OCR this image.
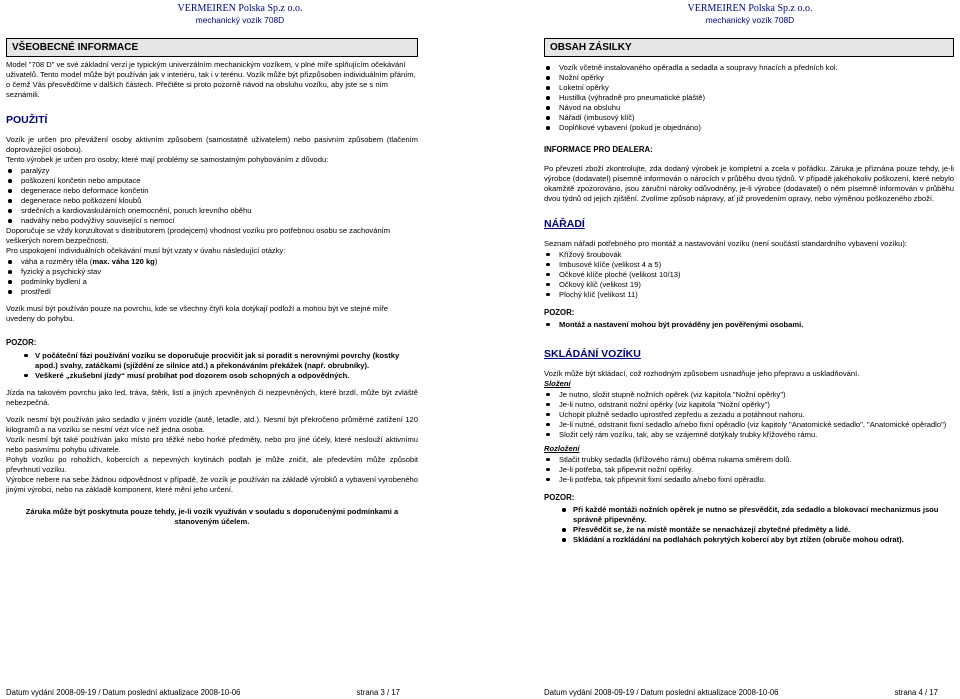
VERMEIREN Polska Sp.z o.o.
mechanický vozík 708D
VŠEOBECNÉ INFORMACE

Model "708 D" ve své základní verzi je typickým univerzálním mechanickým vozíkem, v plné míře splňujícím očekávání uživatelů. Tento model může být používán jak v interiéru, tak i v terénu. Vozík může být přizpůsoben individuálním přáním, o čemž Vás přesvědčíme v dalších částech. Přečtěte si proto pozorně návod na obsluhu vozíku, aby jste se s ním seznámili.

POUŽITÍ

Vozík je určen pro převážení osoby aktivním způsobem (samostatně uživatelem) nebo pasivním způsobem (tlačením doprovázející osobou).

Tento výrobek je určen pro osoby, které mají problémy se samostatným pohybováním z důvodu:

paralýzy
poškození končetin nebo amputace
degenerace nebo deformace končetin
degenerace nebo poškození kloubů
srdečních a kardiovaskulárních onemocnění, poruch krevního oběhu
nadváhy nebo podvýživy související s nemocí

Doporučuje se vždy konzultovat s distributorem (prodejcem) vhodnost vozíku pro potřebnou osobu se zachováním veškerých norem bezpečnosti.

Pro uspokojení individuálních očekávání musí být vzaty v úvahu následující otázky:

váha a rozměry těla (max. váha 120 kg)
fyzický a psychický stav
podmínky bydlení a
prostředí

Vozík musí být používán pouze na povrchu, kde se všechny čtyři kola dotýkají podloží a mohou být ve stejné míře uvedeny do pohybu.

POZOR:
V počáteční fázi používání vozíku se doporučuje procvičit jak si poradit s nerovnými povrchy (kostky apod.) svahy, zatáčkami (sjíždění ze silnice atd.) a překonáváním překážek (např. obrubníky).
Veškeré „zkušební jízdy“ musí probíhat pod dozorem osob schopných a odpovědných.

Jízda na takovém povrchu jako led, tráva, štěrk, listí a jiných zpevněných či nezpevněných, které brzdí, může být zvláště nebezpečná.

Vozík nesmí být používán jako sedadlo v jiném vozidle (autě, letadle, atd.). Nesmí být překročeno průměrné zatížení 120 kilogramů a na vozíku se nesmí vézt více než jedna osoba.

Vozík nesmí být také používán jako místo pro těžké nebo horké předměty, nebo pro jiné účely, které neslouží aktivnímu nebo pasivnímu pohybu uživatele.

Pohyb vozíku po rohožích, kobercích a nepevných krytinách podlah je může zničit, ale především může způsobit převrhnutí vozíku.

Výrobce nebere na sebe žádnou odpovědnost v případě, že vozík je používán na základě výrobků a vybavení vyrobeného jinými výrobci, nebo na základě komponent, které mění jeho určení.

Záruka může být poskytnuta pouze tehdy, je-li vozík využíván v souladu s doporučenými podmínkami a stanoveným účelem.

Datum vydání 2008-09-19 / Datum poslední aktualizace 2008-10-06	strana 3 / 17
VERMEIREN Polska Sp.z o.o.
mechanický vozík 708D
OBSAH ZÁSILKY
Vozík včetně instalovaného opěradla a sedadla a soupravy hnacích a předních kol.
Nožní opěrky
Loketní opěrky
Hustilka (výhradně pro pneumatické pláště)
Návod na obsluhu
Nářadí (imbusový klíč)
Doplňkové vybavení (pokud je objednáno)
INFORMACE PRO DEALERA:

Po převzetí zboží zkontrolujte, zda dodaný výrobek je kompletní a zcela v pořádku. Záruka je přiznána pouze tehdy, je-li výrobce (dodavatel) písemně informován o nárocích v průběhu dvou týdnů. V případě jakéhokoliv poškození, které nebylo okamžitě zpozorováno, jsou záruční nároky odůvodněny, je-li výrobce (dodavatel) o něm písemně informován v průběhu dvou týdnů od jejich zjištění. Zvolíme způsob nápravy, ať již provedením opravy, nebo výměnou poškozeného zboží.

NÁŘADÍ

Seznam nářadí potřebného pro montáž a nastavování vozíku (není součástí standardního vybavení vozíku):

Křížový šroubovák
Imbusové klíče (velikost 4 a 5)
Očkové klíče ploché (velikost 10/13)
Očkový klíč (velikost 19)
Plochý klíč (velikost 11)
POZOR:
Montáž a nastavení mohou být prováděny jen pověřenými osobami.
SKLÁDÁNÍ VOZÍKU

Vozík může být skládací, což rozhodným způsobem usnadňuje jeho přepravu a uskladňování.

Složení
Je nutno, složit stupně nožních opěrek (viz kapitola "Nožní opěrky")
Je-li nutno, odstranit nožní opěrky (viz kapitola "Nožní opěrky")
Uchopit plužně sedadlo uprostřed zepředu a zezadu a potáhnout nahoru.
Je-li nutné, odstranit fixní sedadlo a/nebo fixní opěradlo (viz kapitoly "Anatomické sedadlo", "Anatomické opěradlo")
Složit celý rám vozíku, tak, aby se vzájemně dotýkaly trubky křížového rámu.
Rozložení
Stlačit trubky sedadla (křížového rámu) oběma rukama směrem dolů.
Je-li potřeba, tak připevnit nožní opěrky.
Je-li potřeba, tak připevnit fixní sedadlo a/nebo fixní opěradlo.
POZOR:
Při každé montáži nožních opěrek je nutno se přesvědčit, zda sedadlo a blokovací mechanizmus jsou správně připevněny.
Přesvědčit se, že na místě montáže se nenacházejí zbytečné předměty a lidé.
Skládání a rozkládání na podlahách pokrytých kobercí aby byt ztížen (obruče mohou odrat).
Datum vydání 2008-09-19 / Datum poslední aktualizace 2008-10-06	strana 4 / 17
